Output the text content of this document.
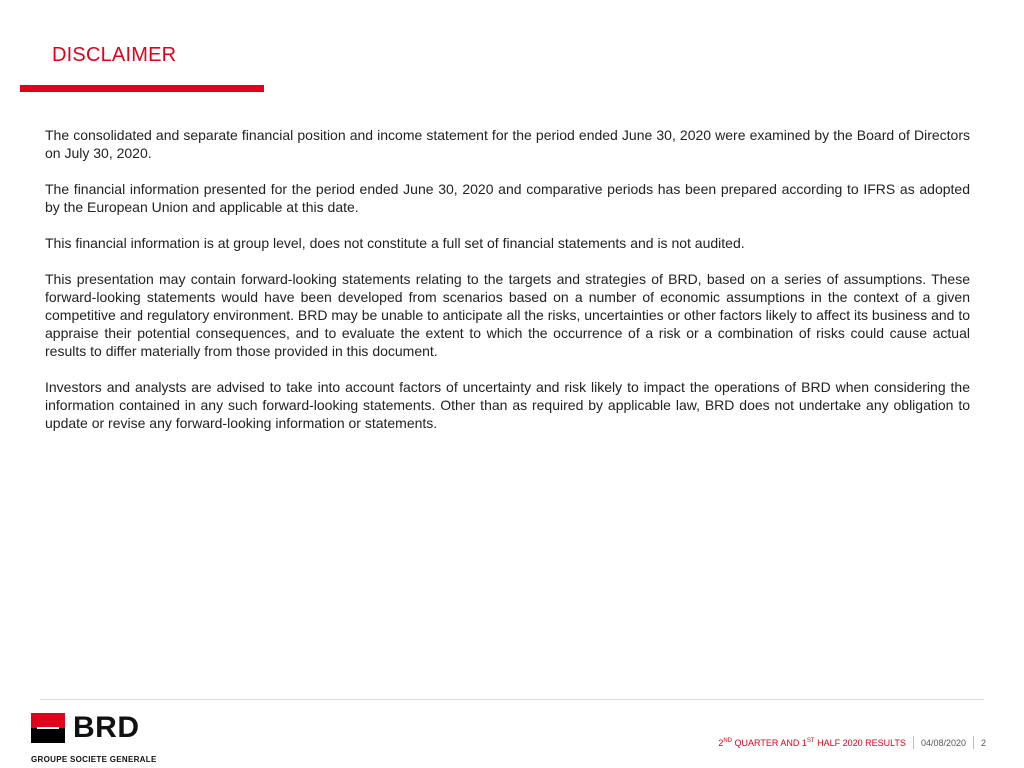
DISCLAIMER

The consolidated and separate financial position and income statement for the period ended June 30, 2020 were examined by the Board of Directors on July 30, 2020.

The financial information presented for the period ended June 30, 2020 and comparative periods has been prepared according to IFRS as adopted by the European Union and applicable at this date.

This financial information is at group level, does not constitute a full set of financial statements and is not audited.

This presentation may contain forward-looking statements relating to the targets and strategies of BRD, based on a series of assumptions. These forward-looking statements would have been developed from scenarios based on a number of economic assumptions in the context of a given competitive and regulatory environment. BRD may be unable to anticipate all the risks, uncertainties or other factors likely to affect its business and to appraise their potential consequences, and to evaluate the extent to which the occurrence of a risk or a combination of risks could cause actual results to differ materially from those provided in this document.

Investors and analysts are advised to take into account factors of uncertainty and risk likely to impact the operations of BRD when considering the information contained in any such forward-looking statements. Other than as required by applicable law, BRD does not undertake any obligation to update or revise any forward-looking information or statements.

BRD
GROUPE SOCIETE GENERALE
2ND QUARTER AND 1ST HALF 2020 RESULTS 04/08/2020 2
